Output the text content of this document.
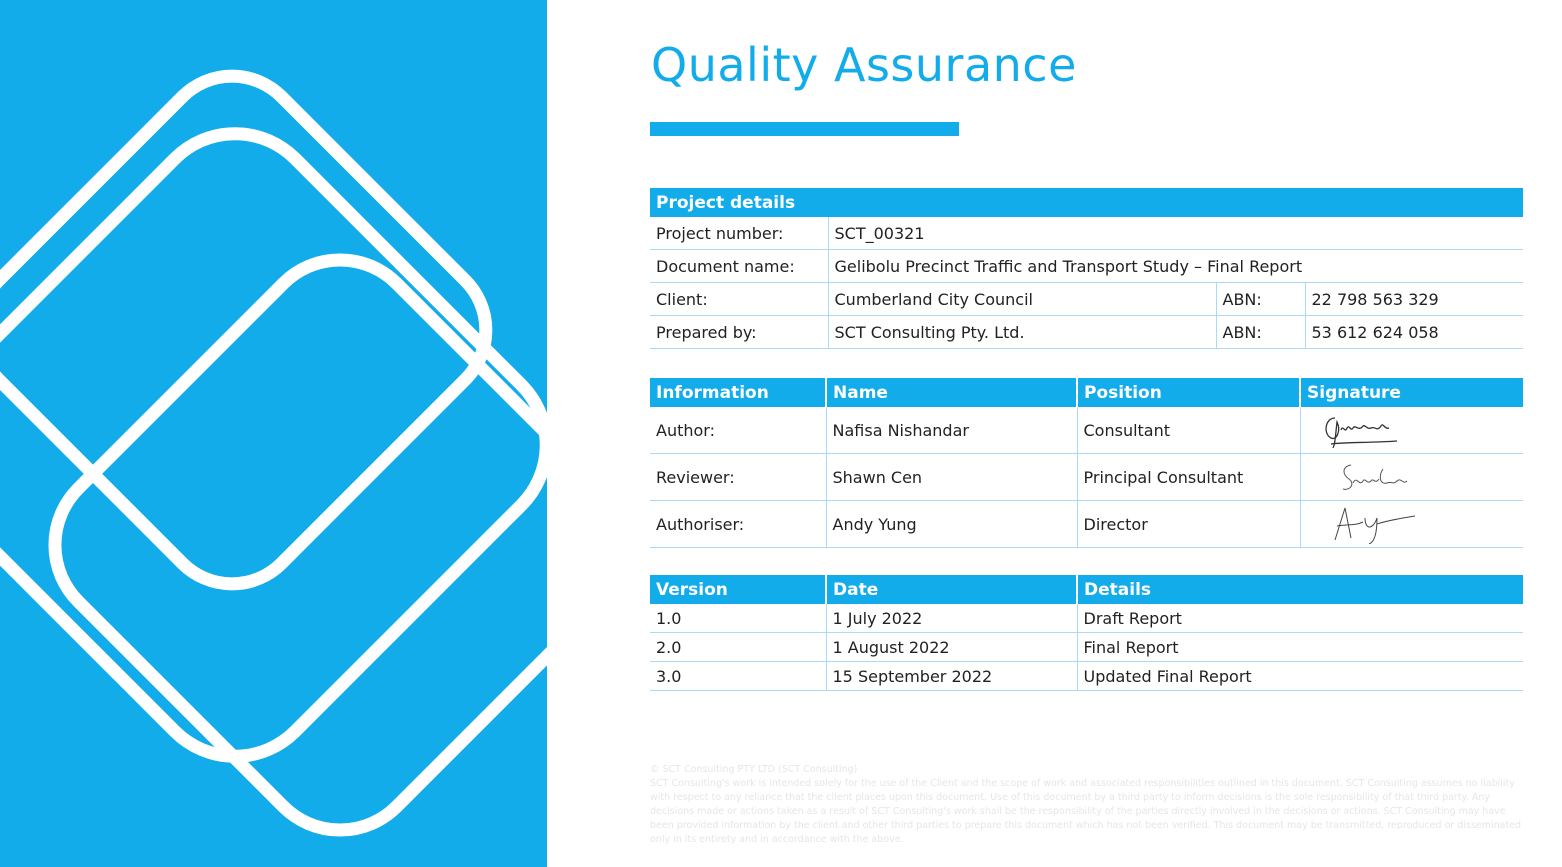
Quality Assurance
Project details			
Project number:	SCT_00321		
Document name:	Gelibolu Precinct Traffic and Transport Study – Final Report		
Client:	Cumberland City Council	ABN:	22 798 563 329
Prepared by:	SCT Consulting Pty. Ltd.	ABN:	53 612 624 058
Information	Name	Position	Signature
Author:	Nafisa Nishandar	Consultant	

Reviewer:	Shawn Cen	Principal Consultant	

Authoriser:	Andy Yung	Director	
Version	Date	Details
1.0	1 July 2022	Draft Report
2.0	1 August 2022	Final Report
3.0	15 September 2022	Updated Final Report
© SCT Consulting PTY LTD (SCT Consulting)
SCT Consulting's work is intended solely for the use of the Client and the scope of work and associated responsibilities outlined in this document. SCT Consulting assumes no liability with respect to any reliance that the client places upon this document. Use of this document by a third party to inform decisions is the sole responsibility of that third party. Any decisions made or actions taken as a result of SCT Consulting's work shall be the responsibility of the parties directly involved in the decisions or actions. SCT Consulting may have been provided information by the client and other third parties to prepare this document which has not been verified. This document may be transmitted, reproduced or disseminated only in its entirety and in accordance with the above.
